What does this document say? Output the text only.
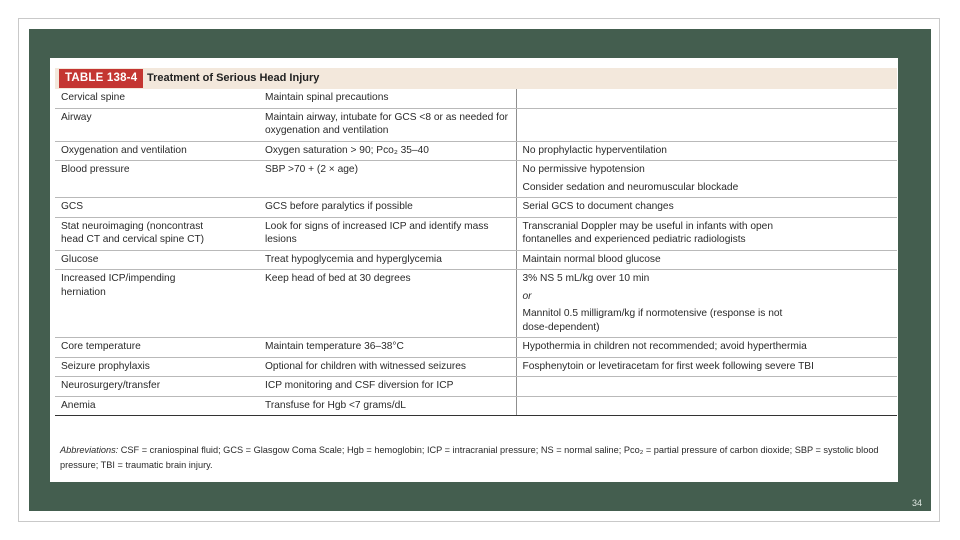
TABLE 138-4 Treatment of Serious Head Injury
Cervical spine	Maintain spinal precautions	

Airway	Maintain airway, intubate for GCS <8 or as needed for
oxygenation and ventilation	

Oxygenation and ventilation	Oxygen saturation > 90; Pco₂ 35–40	No prophylactic hyperventilation

Blood pressure	SBP >70 + (2 × age)	No permissive hypotension
Consider sedation and neuromuscular blockade

GCS	GCS before paralytics if possible	Serial GCS to document changes

Stat neuroimaging (noncontrast
head CT and cervical spine CT)	Look for signs of increased ICP and identify mass
lesions	Transcranial Doppler may be useful in infants with open
fontanelles and experienced pediatric radiologists

Glucose	Treat hypoglycemia and hyperglycemia	Maintain normal blood glucose

Increased ICP/impending
herniation	Keep head of bed at 30 degrees	3% NS 5 mL/kg over 10 min
or
Mannitol 0.5 milligram/kg if normotensive (response is not
dose-dependent)

Core temperature	Maintain temperature 36–38°C	Hypothermia in children not recommended; avoid hyperthermia

Seizure prophylaxis	Optional for children with witnessed seizures	Fosphenytoin or levetiracetam for first week following severe TBI

Neurosurgery/transfer	ICP monitoring and CSF diversion for ICP	

Anemia	Transfuse for Hgb <7 grams/dL	

Abbreviations: CSF = craniospinal fluid; GCS = Glasgow Coma Scale; Hgb = hemoglobin; ICP = intracranial pressure; NS = normal saline; Pco₂ = partial pressure of carbon dioxide; SBP = systolic blood pressure; TBI = traumatic brain injury.
34
